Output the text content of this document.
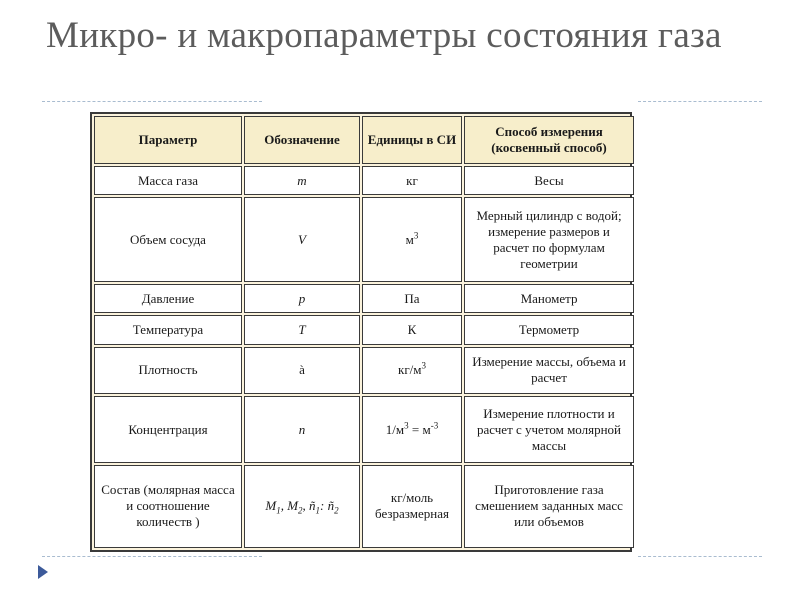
Микро- и макропараметры состояния газа
Параметр	Обозначение	Единицы в СИ	Способ измерения (косвенный способ)
Масса газа	m	кг	Весы
Объем сосуда	V	$м^3$	Мерный цилиндр с водой; измерение размеров и расчет по формулам геометрии
Давление	p	Па	Манометр
Температура	T	К	Термометр
Плотность	à	$кг/м^3$	Измерение массы, объема и расчет
Концентрация	n	$1/м^3 = м^{-3}$	Измерение плотности и расчет с учетом молярной массы
Состав (молярная масса и соотношение количеств )	$M_1$, $M_2$, $ñ_1$: $ñ_2$	кг/моль безразмерная	Приготовление газа смешением заданных масс или объемов
